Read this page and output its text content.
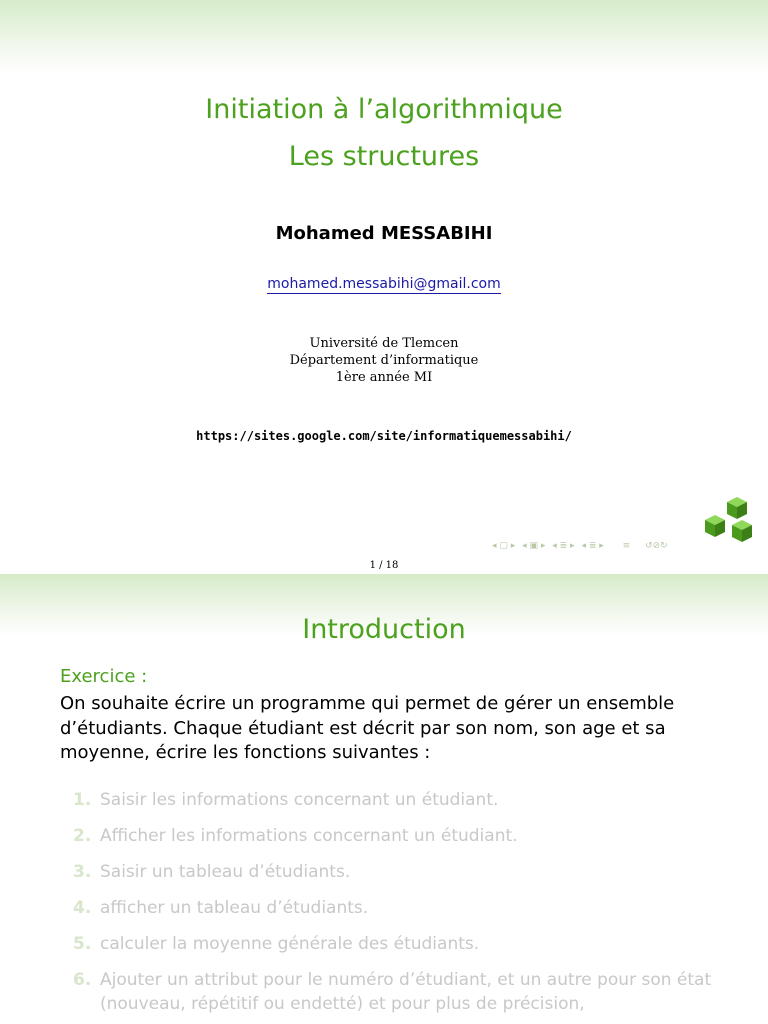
Initiation à l’algorithmique
Les structures
Mohamed MESSABIHI
mohamed.messabihi@gmail.com
Université de Tlemcen
Département d’informatique
1ère année MI
https://sites.google.com/site/informatiquemessabihi/
◂ ▢ ▸ ◂ ▣ ▸ ◂ ≣ ▸ ◂ ≣ ▸ ≡ ↺⊘↻
1 / 18
Introduction
Exercice :
On souhaite écrire un programme qui permet de gérer un ensemble d’étudiants. Chaque étudiant est décrit par son nom, son age et sa moyenne, écrire les fonctions suivantes :
1. Saisir les informations concernant un étudiant.
2. Afficher les informations concernant un étudiant.
3. Saisir un tableau d’étudiants.
4. afficher un tableau d’étudiants.
5. calculer la moyenne générale des étudiants.
6. Ajouter un attribut pour le numéro d’étudiant, et un autre pour son état (nouveau, répétitif ou endetté) et pour plus de précision,
